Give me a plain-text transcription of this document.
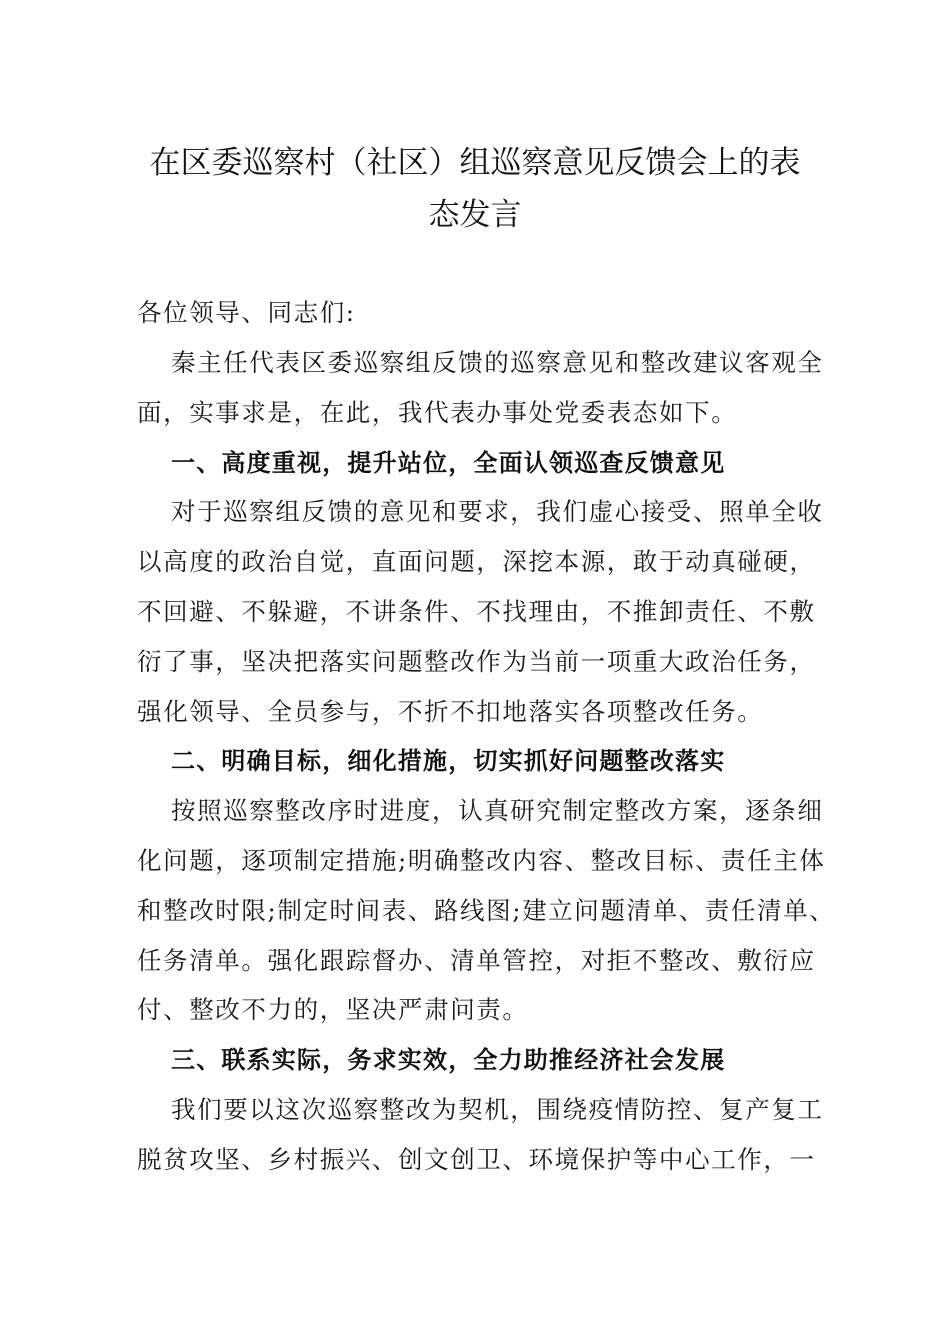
在区委巡察村（社区）组巡察意见反馈会上的表
态发言

各位领导、同志们:

秦主任代表区委巡察组反馈的巡察意见和整改建议客观全

面，实事求是，在此，我代表办事处党委表态如下。

一、高度重视，提升站位，全面认领巡查反馈意见

对于巡察组反馈的意见和要求，我们虚心接受、照单全收

以高度的政治自觉，直面问题，深挖本源，敢于动真碰硬，

不回避、不躲避，不讲条件、不找理由，不推卸责任、不敷

衍了事，坚决把落实问题整改作为当前一项重大政治任务，

强化领导、全员参与，不折不扣地落实各项整改任务。

二、明确目标，细化措施，切实抓好问题整改落实

按照巡察整改序时进度，认真研究制定整改方案，逐条细

化问题，逐项制定措施;明确整改内容、整改目标、责任主体

和整改时限;制定时间表、路线图;建立问题清单、责任清单、

任务清单。强化跟踪督办、清单管控，对拒不整改、敷衍应

付、整改不力的，坚决严肃问责。

三、联系实际，务求实效，全力助推经济社会发展

我们要以这次巡察整改为契机，围绕疫情防控、复产复工

脱贫攻坚、乡村振兴、创文创卫、环境保护等中心工作，一
